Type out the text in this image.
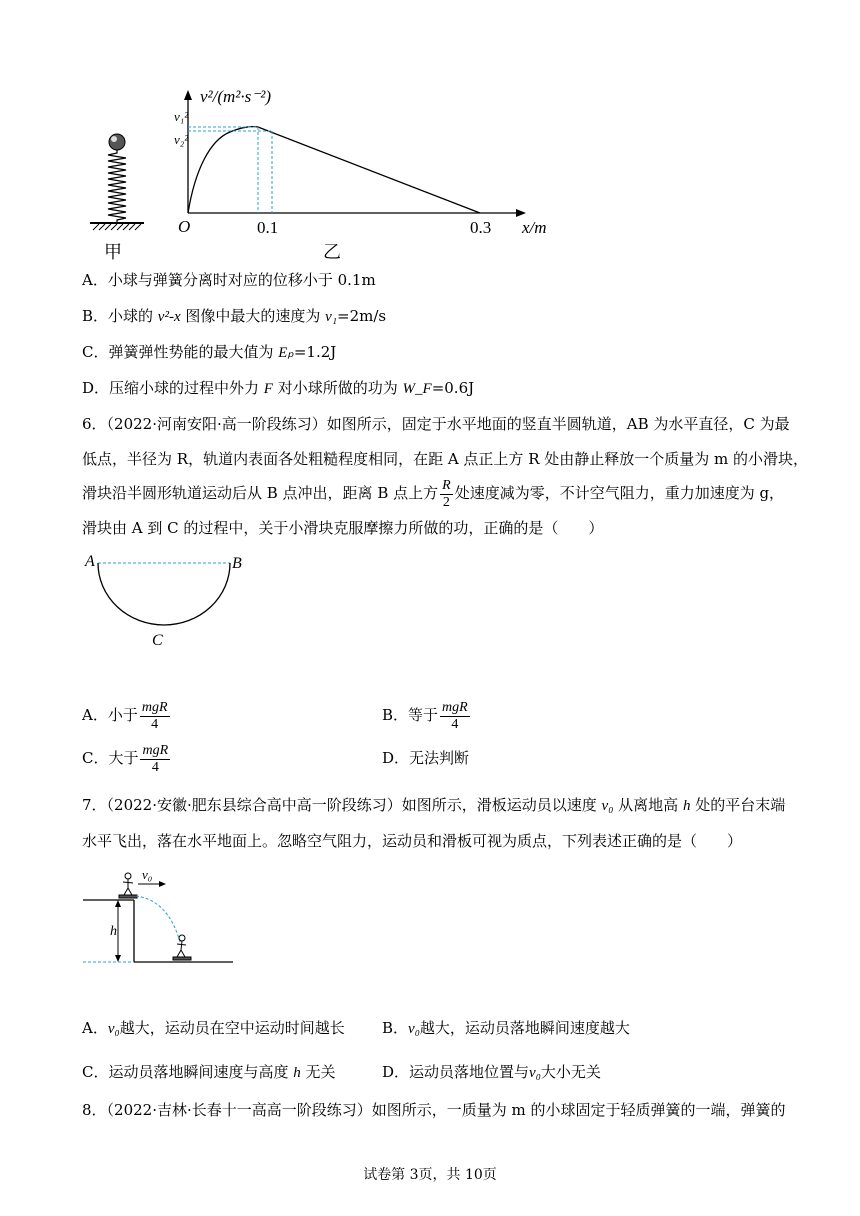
甲
v²/(m²·s⁻²)
v₁²
v₂²
O	0.1	0.3 x/m
乙
A．小球与弹簧分离时对应的位移小于 0.1m
B．小球的 v²-x 图像中最大的速度为 v₁=2m/s
C．弹簧弹性势能的最大值为 Eₚ=1.2J
D．压缩小球的过程中外力 F 对小球所做的功为 W_F=0.6J
6．（2022·河南安阳·高一阶段练习）如图所示，固定于水平地面的竖直半圆轨道，AB 为水平直径，C 为最
低点，半径为 R，轨道内表面各处粗糙程度相同，在距 A 点正上方 R 处由静止释放一个质量为 m 的小滑块，
滑块沿半圆形轨道运动后从 B 点冲出，距离 B 点上方 $\frac{R}{2}$ 处速度减为零，不计空气阻力，重力加速度为 g，
滑块由 A 到 C 的过程中，关于小滑块克服摩擦力所做的功，正确的是（　　）
A	B
C
A．小于 $\frac{\text{mgR}}{4}$	B．等于 $\frac{\text{mgR}}{4}$
C．大于 $\frac{\text{mgR}}{4}$	D．无法判断
7．（2022·安徽·肥东县综合高中高一阶段练习）如图所示，滑板运动员以速度 v₀ 从离地高 h 处的平台末端
水平飞出，落在水平地面上。忽略空气阻力，运动员和滑板可视为质点，下列表述正确的是（　　）
h
v₀
A．v₀越大，运动员在空中运动时间越长 B．v₀越大，运动员落地瞬间速度越大
C．运动员落地瞬间速度与高度 h 无关	D．运动员落地位置与v₀大小无关
8．（2022·吉林·长春十一高高一阶段练习）如图所示，一质量为 m 的小球固定于轻质弹簧的一端，弹簧的
试卷第 3页，共 10页
